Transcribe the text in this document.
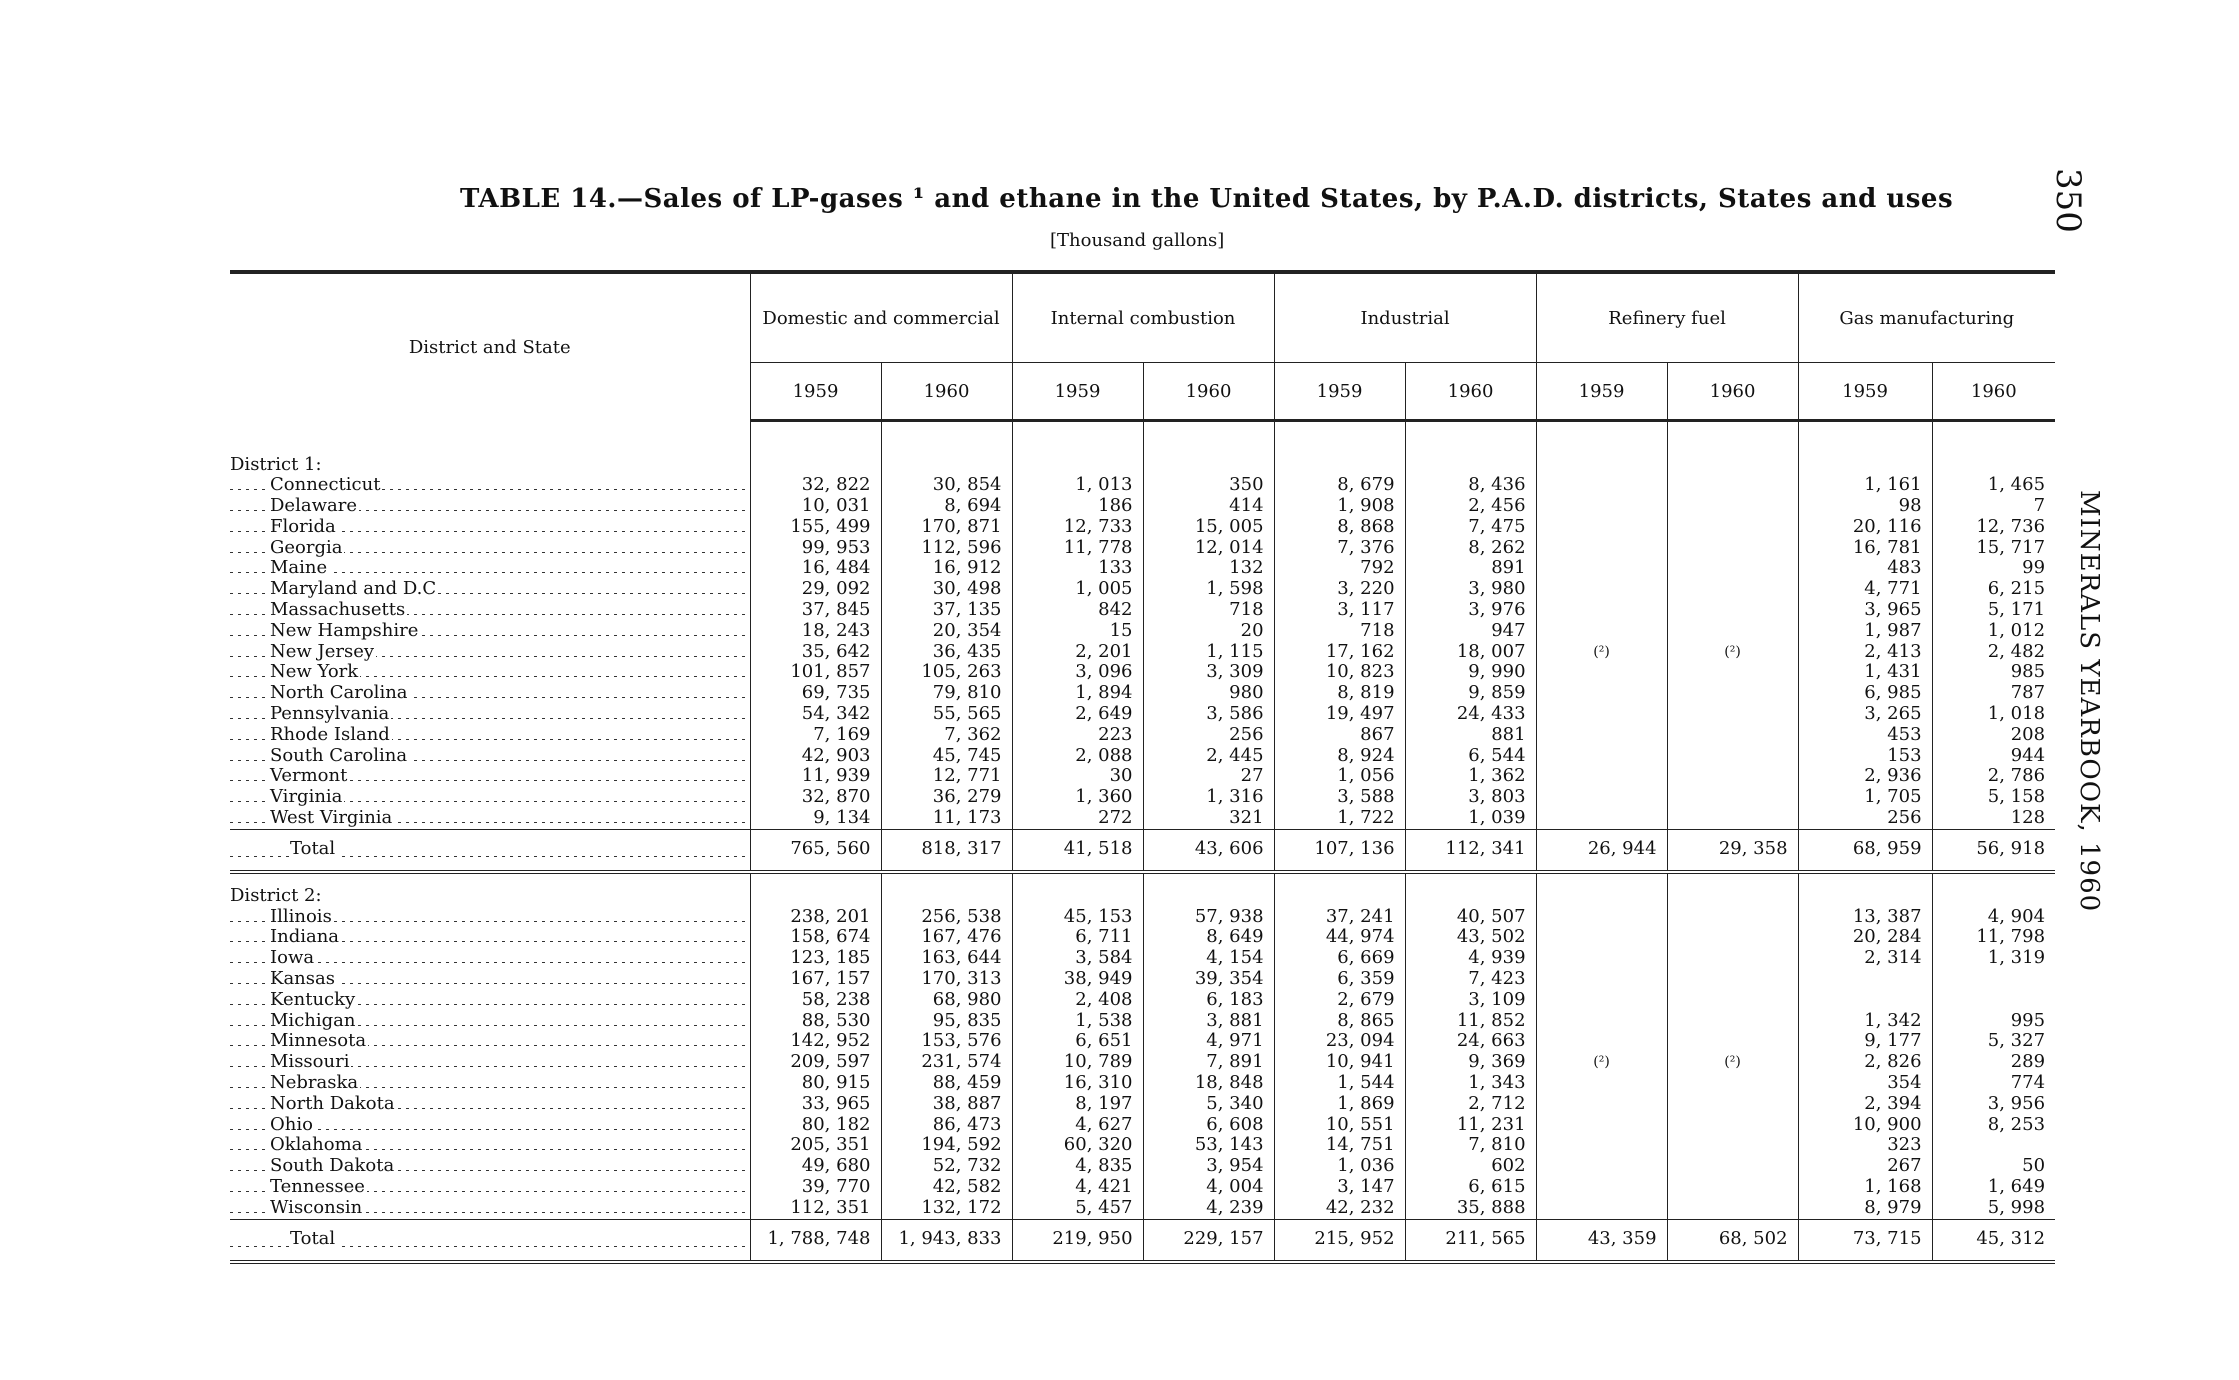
TABLE 14.—Sales of LP-gases ¹ and ethane in the United States, by P.A.D. districts, States and uses
[Thousand gallons]
350
MINERALS YEARBOOK, 1960
District and State	Domestic and commercial		Internal combustion		Industrial		Refinery fuel		Gas manufacturing	
	1959	1960	1959	1960	1959	1960	1959	1960	1959	1960
District 1:										
Connecticut	32, 822	30, 854	1, 013	350	8, 679	8, 436			1, 161	1, 465
Delaware	10, 031	8, 694	186	414	1, 908	2, 456			98	7
Florida	155, 499	170, 871	12, 733	15, 005	8, 868	7, 475			20, 116	12, 736
Georgia	99, 953	112, 596	11, 778	12, 014	7, 376	8, 262			16, 781	15, 717
Maine	16, 484	16, 912	133	132	792	891			483	99
Maryland and D.C	29, 092	30, 498	1, 005	1, 598	3, 220	3, 980			4, 771	6, 215
Massachusetts	37, 845	37, 135	842	718	3, 117	3, 976			3, 965	5, 171
New Hampshire	18, 243	20, 354	15	20	718	947			1, 987	1, 012
New Jersey	35, 642	36, 435	2, 201	1, 115	17, 162	18, 007	(²)	(²)	2, 413	2, 482
New York	101, 857	105, 263	3, 096	3, 309	10, 823	9, 990			1, 431	985
North Carolina	69, 735	79, 810	1, 894	980	8, 819	9, 859			6, 985	787
Pennsylvania	54, 342	55, 565	2, 649	3, 586	19, 497	24, 433			3, 265	1, 018
Rhode Island	7, 169	7, 362	223	256	867	881			453	208
South Carolina	42, 903	45, 745	2, 088	2, 445	8, 924	6, 544			153	944
Vermont	11, 939	12, 771	30	27	1, 056	1, 362			2, 936	2, 786
Virginia	32, 870	36, 279	1, 360	1, 316	3, 588	3, 803			1, 705	5, 158
West Virginia	9, 134	11, 173	272	321	1, 722	1, 039			256	128
Total	765, 560	818, 317	41, 518	43, 606	107, 136	112, 341	26, 944	29, 358	68, 959	56, 918
District 2:										
Illinois	238, 201	256, 538	45, 153	57, 938	37, 241	40, 507			13, 387	4, 904
Indiana	158, 674	167, 476	6, 711	8, 649	44, 974	43, 502			20, 284	11, 798
Iowa	123, 185	163, 644	3, 584	4, 154	6, 669	4, 939			2, 314	1, 319
Kansas	167, 157	170, 313	38, 949	39, 354	6, 359	7, 423				
Kentucky	58, 238	68, 980	2, 408	6, 183	2, 679	3, 109				
Michigan	88, 530	95, 835	1, 538	3, 881	8, 865	11, 852			1, 342	995
Minnesota	142, 952	153, 576	6, 651	4, 971	23, 094	24, 663			9, 177	5, 327
Missouri	209, 597	231, 574	10, 789	7, 891	10, 941	9, 369	(²)	(²)	2, 826	289
Nebraska	80, 915	88, 459	16, 310	18, 848	1, 544	1, 343			354	774
North Dakota	33, 965	38, 887	8, 197	5, 340	1, 869	2, 712			2, 394	3, 956
Ohio	80, 182	86, 473	4, 627	6, 608	10, 551	11, 231			10, 900	8, 253
Oklahoma	205, 351	194, 592	60, 320	53, 143	14, 751	7, 810			323	
South Dakota	49, 680	52, 732	4, 835	3, 954	1, 036	602			267	50
Tennessee	39, 770	42, 582	4, 421	4, 004	3, 147	6, 615			1, 168	1, 649
Wisconsin	112, 351	132, 172	5, 457	4, 239	42, 232	35, 888			8, 979	5, 998
Total	1, 788, 748	1, 943, 833	219, 950	229, 157	215, 952	211, 565	43, 359	68, 502	73, 715	45, 312
